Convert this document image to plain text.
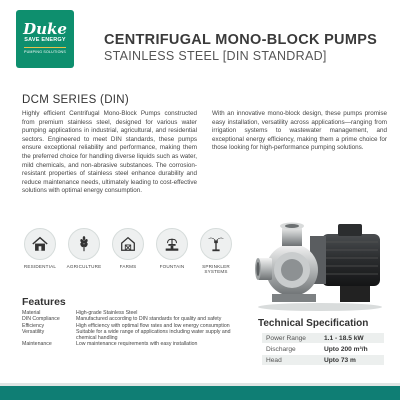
Duke
SAVE ENERGY
PUMPING SOLUTIONS
CENTRIFUGAL MONO-BLOCK PUMPS
STAINLESS STEEL [DIN STANDRAD]
DCM SERIES (DIN)
Highly efficient Centrifugal Mono-Block Pumps constructed from premium stainless steel, designed for various water pumping applications in industrial, agricultural, and residential sectors. Engineered to meet DIN standards, these pumps ensure exceptional reliability and performance, making them the preferred choice for handling diverse liquids such as water, mild chemicals, and non-abrasive substances. The corrosion-resistant properties of stainless steel enhance durability and reduce maintenance needs, ultimately leading to cost-effective solutions with optimal energy consumption.
With an innovative mono-block design, these pumps promise easy installation, versatility across applications—ranging from irrigation systems to wastewater management, and exceptional energy efficiency, making them a prime choice for those looking for high-performance pumping solutions.
RESIDENTIAL	AGRICULTURE	FARMS	FOUNTAIN	SPRINKLER SYSTEMS
Features
Material	High-grade Stainless Steel
DIN Compliance	Manufactured according to DIN standards for quality and safety
Efficiency	High efficiency with optimal flow rates and low energy consumption
Versatility	Suitable for a wide range of applications including water supply and chemical handling
Maintenance	Low maintenance requirements with easy installation
Technical Specification
Power Range	1.1 - 18.5 kW
Discharge	Upto 200 m³/h
Head	Upto 73 m
